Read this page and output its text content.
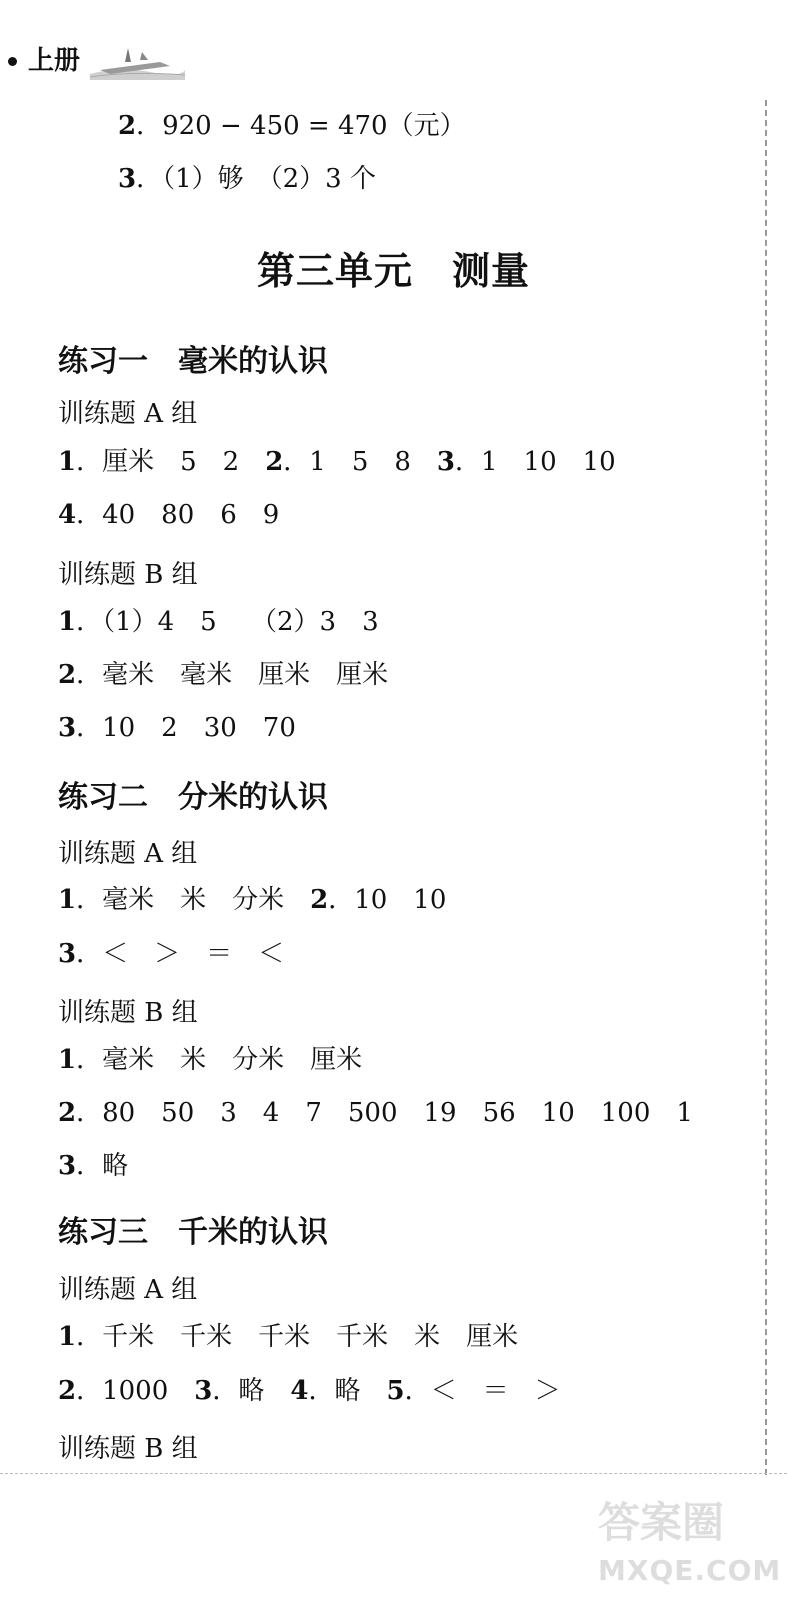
上册
2．920 − 450 = 470（元）
3．（1）够　（2）3 个
第三单元　测量
练习一　毫米的认识
训练题 A 组
1．厘米　5　2　2．1　5　8　3．1　10　10
4．40　80　6　9
训练题 B 组
1．（1）4　5　 （2）3　3
2．毫米　毫米　厘米　厘米
3．10　2　30　70
练习二　分米的认识
训练题 A 组
1．毫米　米　分米　2．10　10
3．＜　＞　＝　＜
训练题 B 组
1．毫米　米　分米　厘米
2．80　50　3　4　7　500　19　56　10　100　1
3．略
练习三　千米的认识
训练题 A 组
1．千米　千米　千米　千米　米　厘米
2．1000　3．略　4．略　5．＜　＝　＞
训练题 B 组
答案圈
MXQE.COM
